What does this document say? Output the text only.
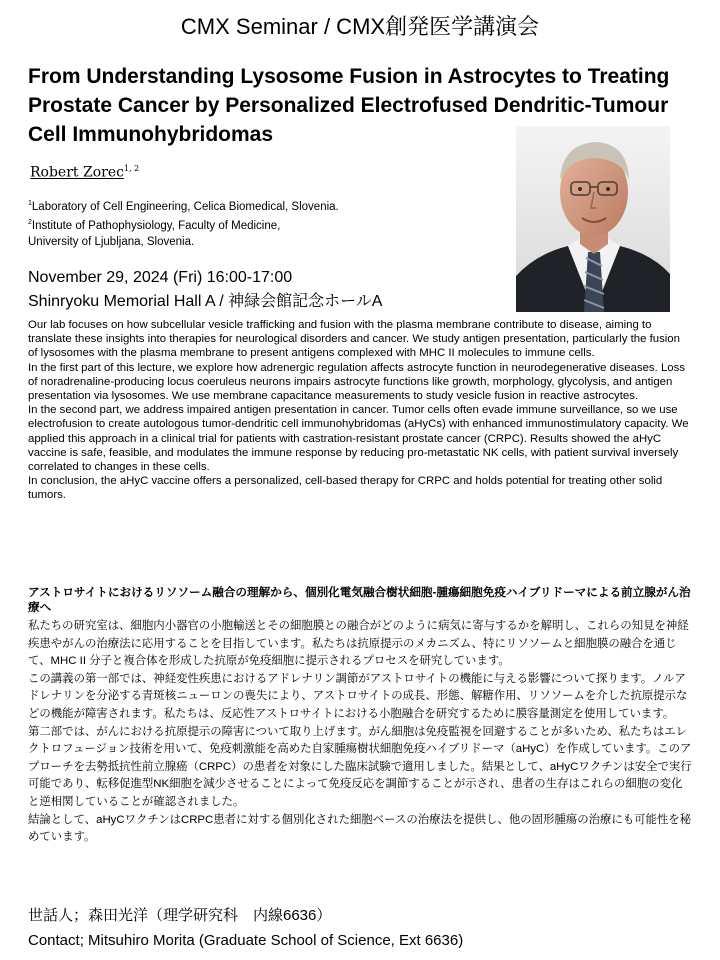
CMX Seminar / CMX創発医学講演会
From Understanding Lysosome Fusion in Astrocytes to Treating Prostate Cancer by Personalized Electrofused Dendritic-Tumour Cell Immunohybridomas
Robert Zorec$^{1, 2}$
$^1$Laboratory of Cell Engineering, Celica Biomedical, Slovenia.
$^2$Institute of Pathophysiology, Faculty of Medicine,
University of Ljubljana, Slovenia.
November 29, 2024 (Fri) 16:00-17:00
Shinryoku Memorial Hall A / 神緑会館記念ホールA

Our lab focuses on how subcellular vesicle trafficking and fusion with the plasma membrane contribute to disease, aiming to translate these insights into therapies for neurological disorders and cancer. We study antigen presentation, particularly the fusion of lysosomes with the plasma membrane to present antigens complexed with MHC II molecules to immune cells.

In the first part of this lecture, we explore how adrenergic regulation affects astrocyte function in neurodegenerative diseases. Loss of noradrenaline-producing locus coeruleus neurons impairs astrocyte functions like growth, morphology, glycolysis, and antigen presentation via lysosomes. We use membrane capacitance measurements to study vesicle fusion in reactive astrocytes.

In the second part, we address impaired antigen presentation in cancer. Tumor cells often evade immune surveillance, so we use electrofusion to create autologous tumor-dendritic cell immunohybridomas (aHyCs) with enhanced immunostimulatory capacity. We applied this approach in a clinical trial for patients with castration-resistant prostate cancer (CRPC). Results showed the aHyC vaccine is safe, feasible, and modulates the immune response by reducing pro-metastatic NK cells, with patient survival inversely correlated to changes in these cells.

In conclusion, the aHyC vaccine offers a personalized, cell-based therapy for CRPC and holds potential for treating other solid tumors.

アストロサイトにおけるリソソーム融合の理解から、個別化電気融合樹状細胞-腫瘍細胞免疫ハイブリドーマによる前立腺がん治療へ

私たちの研究室は、細胞内小器官の小胞輸送とその細胞膜との融合がどのように病気に寄与するかを解明し、これらの知見を神経疾患やがんの治療法に応用することを目指しています。私たちは抗原提示のメカニズム、特にリソソームと細胞膜の融合を通じて、MHC II 分子と複合体を形成した抗原が免疫細胞に提示されるプロセスを研究しています。

この講義の第一部では、神経変性疾患におけるアドレナリン調節がアストロサイトの機能に与える影響について探ります。ノルアドレナリンを分泌する青斑核ニューロンの喪失により、アストロサイトの成長、形態、解糖作用、リソソームを介した抗原提示などの機能が障害されます。私たちは、反応性アストロサイトにおける小胞融合を研究するために膜容量測定を使用しています。

第二部では、がんにおける抗原提示の障害について取り上げます。がん細胞は免疫監視を回避することが多いため、私たちはエレクトロフュージョン技術を用いて、免疫刺激能を高めた自家腫瘍樹状細胞免疫ハイブリドーマ（aHyC）を作成しています。このアプローチを去勢抵抗性前立腺癌（CRPC）の患者を対象にした臨床試験で適用しました。結果として、aHyCワクチンは安全で実行可能であり、転移促進型NK細胞を減少させることによって免疫反応を調節することが示され、患者の生存はこれらの細胞の変化と逆相関していることが確認されました。

結論として、aHyCワクチンはCRPC患者に対する個別化された細胞ベースの治療法を提供し、他の固形腫瘍の治療にも可能性を秘めています。

世話人；森田光洋（理学研究科　内線6636）
Contact; Mitsuhiro Morita (Graduate School of Science, Ext 6636)
